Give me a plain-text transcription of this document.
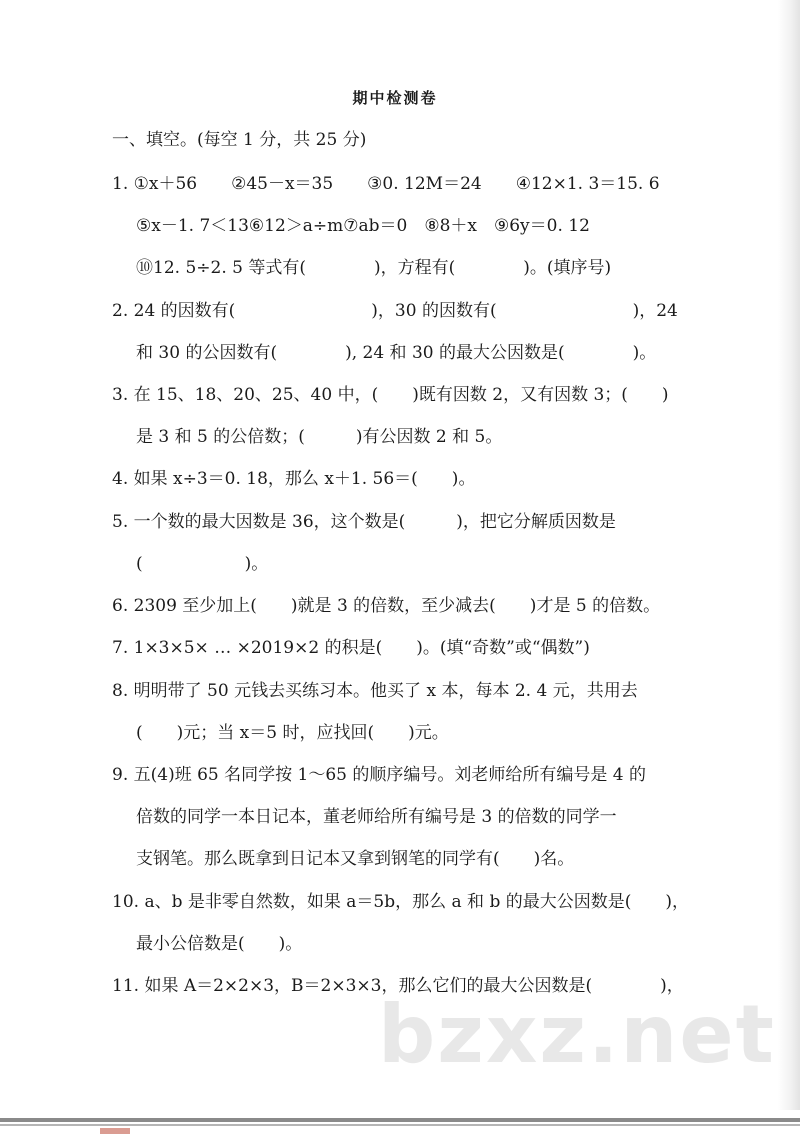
期中检测卷
一、填空。(每空 1 分，共 25 分)
1. ①x＋56　　②45－x＝35　　③0. 12M＝24　　④12×1. 3＝15. 6
⑤x－1. 7＜13⑥12＞a÷m⑦ab＝0　⑧8＋x　⑨6y＝0. 12
⑩12. 5÷2. 5 等式有(　　　　)，方程有(　　　　)。(填序号)
2. 24 的因数有(　　　　　　　　)，30 的因数有(　　　　　　　　)，24
和 30 的公因数有(　　　　), 24 和 30 的最大公因数是(　　　　)。
3. 在 15、18、20、25、40 中，(　　)既有因数 2，又有因数 3；(　　)
是 3 和 5 的公倍数；(　　　)有公因数 2 和 5。
4. 如果 x÷3＝0. 18，那么 x＋1. 56＝(　　)。
5. 一个数的最大因数是 36，这个数是(　　　)，把它分解质因数是
(　　　　　　)。
6. 2309 至少加上(　　)就是 3 的倍数，至少减去(　　)才是 5 的倍数。
7. 1×3×5× … ×2019×2 的积是(　　)。(填“奇数”或“偶数”)
8. 明明带了 50 元钱去买练习本。他买了 x 本，每本 2. 4 元，共用去
(　　)元；当 x＝5 时，应找回(　　)元。
9. 五(4)班 65 名同学按 1～65 的顺序编号。刘老师给所有编号是 4 的
倍数的同学一本日记本，董老师给所有编号是 3 的倍数的同学一
支钢笔。那么既拿到日记本又拿到钢笔的同学有(　　)名。
10. a、b 是非零自然数，如果 a＝5b，那么 a 和 b 的最大公因数是(　　)，
最小公倍数是(　　)。
11. 如果 A＝2×2×3，B＝2×3×3，那么它们的最大公因数是(　　　　)，
bzxz.net
